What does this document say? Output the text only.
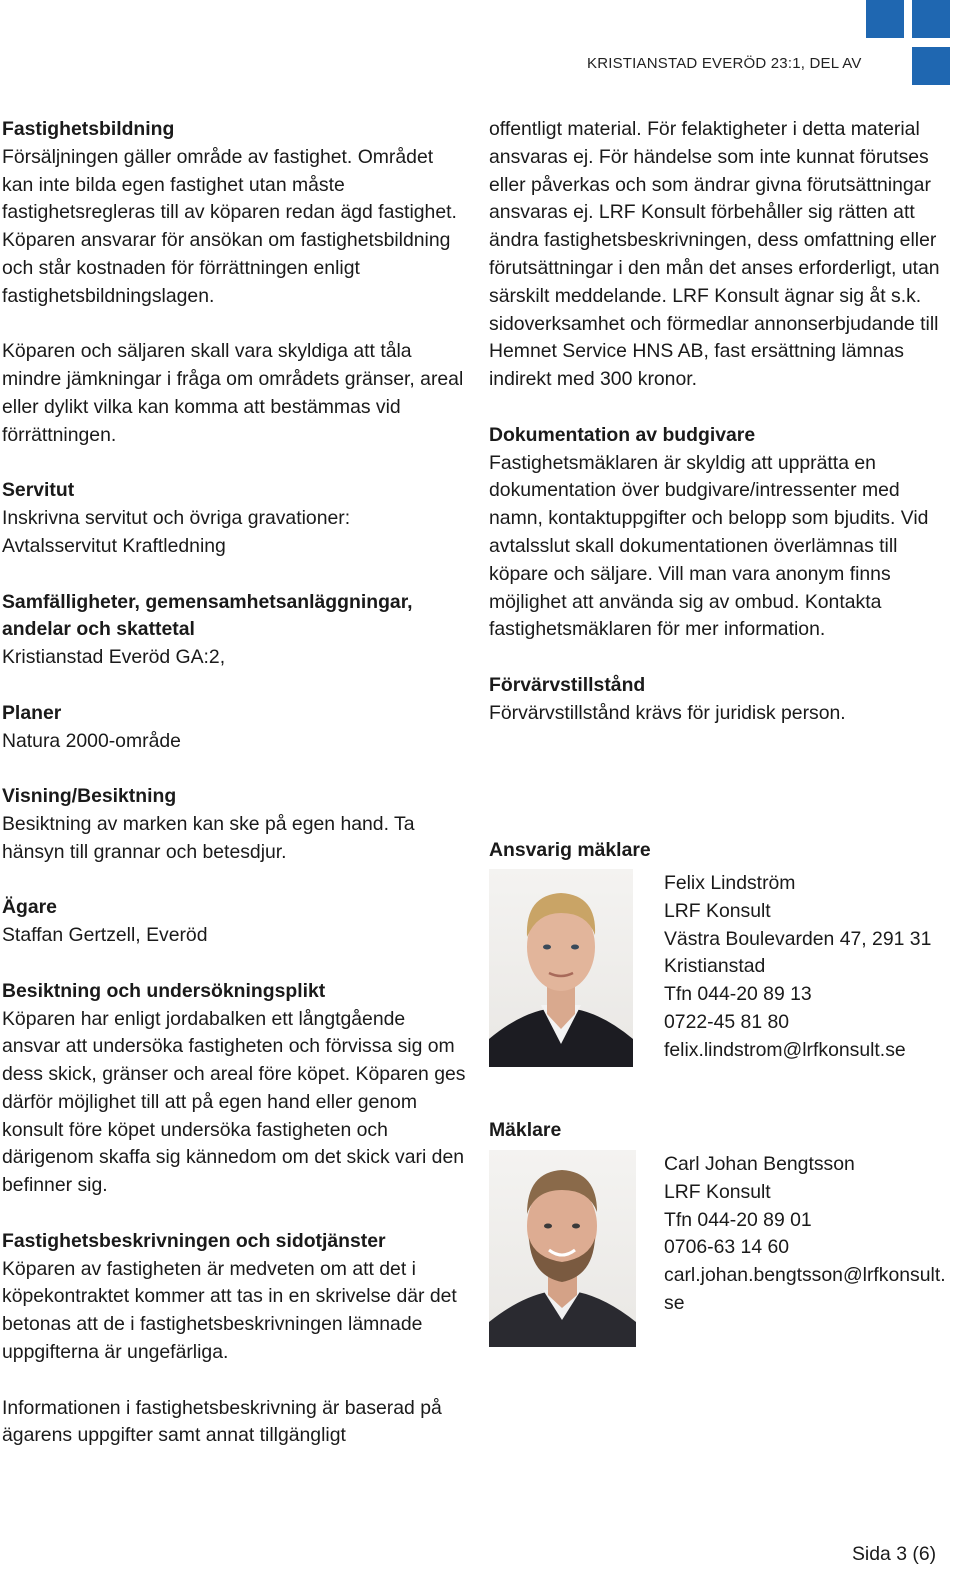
KRISTIANSTAD EVERÖD 23:1, DEL AV

Fastighetsbildning

Försäljningen gäller område av fastighet. Området kan inte bilda egen fastighet utan måste fastighetsregleras till av köparen redan ägd fastighet. Köparen ansvarar för ansökan om fastighetsbildning och står kostnaden för förrättningen enligt fastighetsbildningslagen.

Köparen och säljaren skall vara skyldiga att tåla mindre jämkningar i fråga om områdets gränser, areal eller dylikt vilka kan komma att bestämmas vid förrättningen.

Servitut

Inskrivna servitut och övriga gravationer:

Avtalsservitut Kraftledning

Samfälligheter, gemensamhetsanläggningar, andelar och skattetal

Kristianstad Everöd GA:2,

Planer

Natura 2000-område

Visning/Besiktning

Besiktning av marken kan ske på egen hand. Ta hänsyn till grannar och betesdjur.

Ägare

Staffan Gertzell, Everöd

Besiktning och undersökningsplikt

Köparen har enligt jordabalken ett långtgående ansvar att undersöka fastigheten och förvissa sig om dess skick, gränser och areal före köpet. Köparen ges därför möjlighet till att på egen hand eller genom konsult före köpet undersöka fastigheten och därigenom skaffa sig kännedom om det skick vari den befinner sig.

Fastighetsbeskrivningen och sidotjänster

Köparen av fastigheten är medveten om att det i köpekontraktet kommer att tas in en skrivelse där det betonas att de i fastighetsbeskrivningen lämnade uppgifterna är ungefärliga.

Informationen i fastighetsbeskrivning är baserad på ägarens uppgifter samt annat tillgängligt

offentligt material. För felaktigheter i detta material ansvaras ej. För händelse som inte kunnat förutses eller påverkas och som ändrar givna förutsättningar ansvaras ej. LRF Konsult förbehåller sig rätten att ändra fastighetsbeskrivningen, dess omfattning eller förutsättningar i den mån det anses erforderligt, utan särskilt meddelande. LRF Konsult ägnar sig åt s.k. sidoverksamhet och förmedlar annonserbjudande till Hemnet Service HNS AB, fast ersättning lämnas indirekt med 300 kronor.

Dokumentation av budgivare

Fastighetsmäklaren är skyldig att upprätta en dokumentation över budgivare/intressenter med namn, kontaktuppgifter och belopp som bjudits. Vid avtalsslut skall dokumentationen överlämnas till köpare och säljare. Vill man vara anonym finns möjlighet att använda sig av ombud. Kontakta fastighetsmäklaren för mer information.

Förvärvstillstånd

Förvärvstillstånd krävs för juridisk person.

Ansvarig mäklare
Felix Lindström
LRF Konsult
Västra Boulevarden 47, 291 31 Kristianstad
Tfn 044-20 89 13
0722-45 81 80
felix.lindstrom@lrfkonsult.se
Mäklare
Carl Johan Bengtsson
LRF Konsult
Tfn 044-20 89 01
0706-63 14 60
carl.johan.bengtsson@lrfkonsult.se
Sida 3 (6)
